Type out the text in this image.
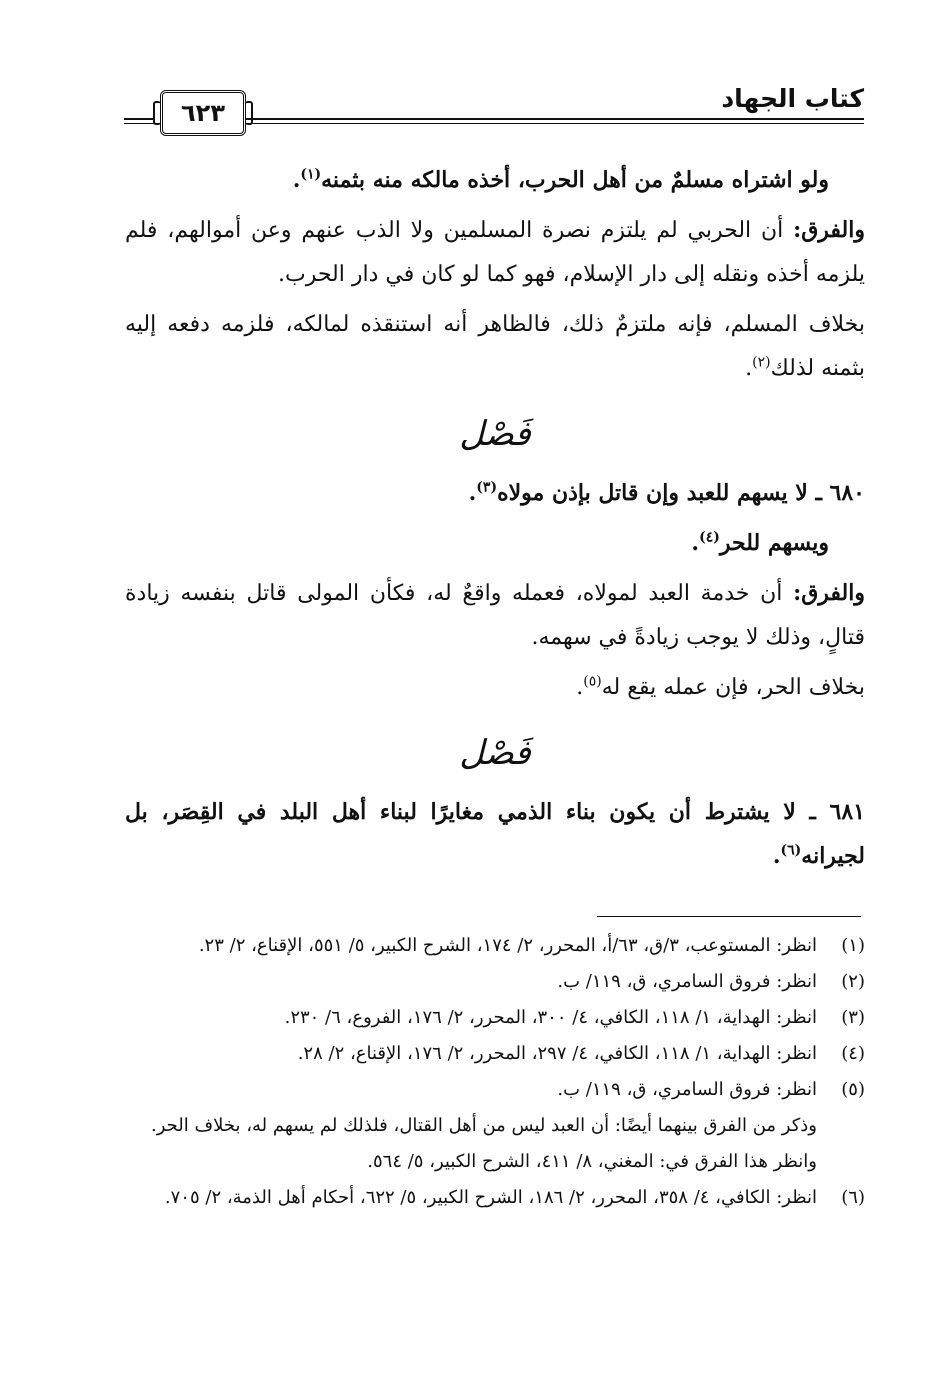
كتاب الجهاد
٦٢٣

ولو اشتراه مسلمٌ من أهل الحرب، أخذه مالكه منه بثمنه$^{(١)}$.

والفرق: أن الحربي لم يلتزم نصرة المسلمين ولا الذب عنهم وعن أموالهم، فلم يلزمه أخذه ونقله إلى دار الإسلام، فهو كما لو كان في دار الحرب.

بخلاف المسلم، فإنه ملتزمٌ ذلك، فالظاهر أنه استنقذه لمالكه، فلزمه دفعه إليه بثمنه لذلك$^{(٢)}$.

فَصْل

٦٨٠ ـ لا يسهم للعبد وإن قاتل بإذن مولاه$^{(٣)}$.

ويسهم للحر$^{(٤)}$.

والفرق: أن خدمة العبد لمولاه، فعمله واقعٌ له، فكأن المولى قاتل بنفسه زيادة قتالٍ، وذلك لا يوجب زيادةً في سهمه.

بخلاف الحر، فإن عمله يقع له$^{(٥)}$.

فَصْل

٦٨١ ـ لا يشترط أن يكون بناء الذمي مغايرًا لبناء أهل البلد في القِصَر، بل لجيرانه$^{(٦)}$.

(١)
انظر: المستوعب، ٣/ق، ٦٣/أ، المحرر، ٢/ ١٧٤، الشرح الكبير، ٥/ ٥٥١، الإقناع، ٢/ ٢٣.
(٢)
انظر: فروق السامري، ق، ١١٩/ ب.
(٣)
انظر: الهداية، ١/ ١١٨، الكافي، ٤/ ٣٠٠، المحرر، ٢/ ١٧٦، الفروع، ٦/ ٢٣٠.
(٤)
انظر: الهداية، ١/ ١١٨، الكافي، ٤/ ٢٩٧، المحرر، ٢/ ١٧٦، الإقناع، ٢/ ٢٨.
(٥)
انظر: فروق السامري، ق، ١١٩/ ب.
وذكر من الفرق بينهما أيضًا: أن العبد ليس من أهل القتال، فلذلك لم يسهم له، بخلاف الحر.
وانظر هذا الفرق في: المغني، ٨/ ٤١١، الشرح الكبير، ٥/ ٥٦٤.
(٦)
انظر: الكافي، ٤/ ٣٥٨، المحرر، ٢/ ١٨٦، الشرح الكبير، ٥/ ٦٢٢، أحكام أهل الذمة، ٢/ ٧٠٥.
